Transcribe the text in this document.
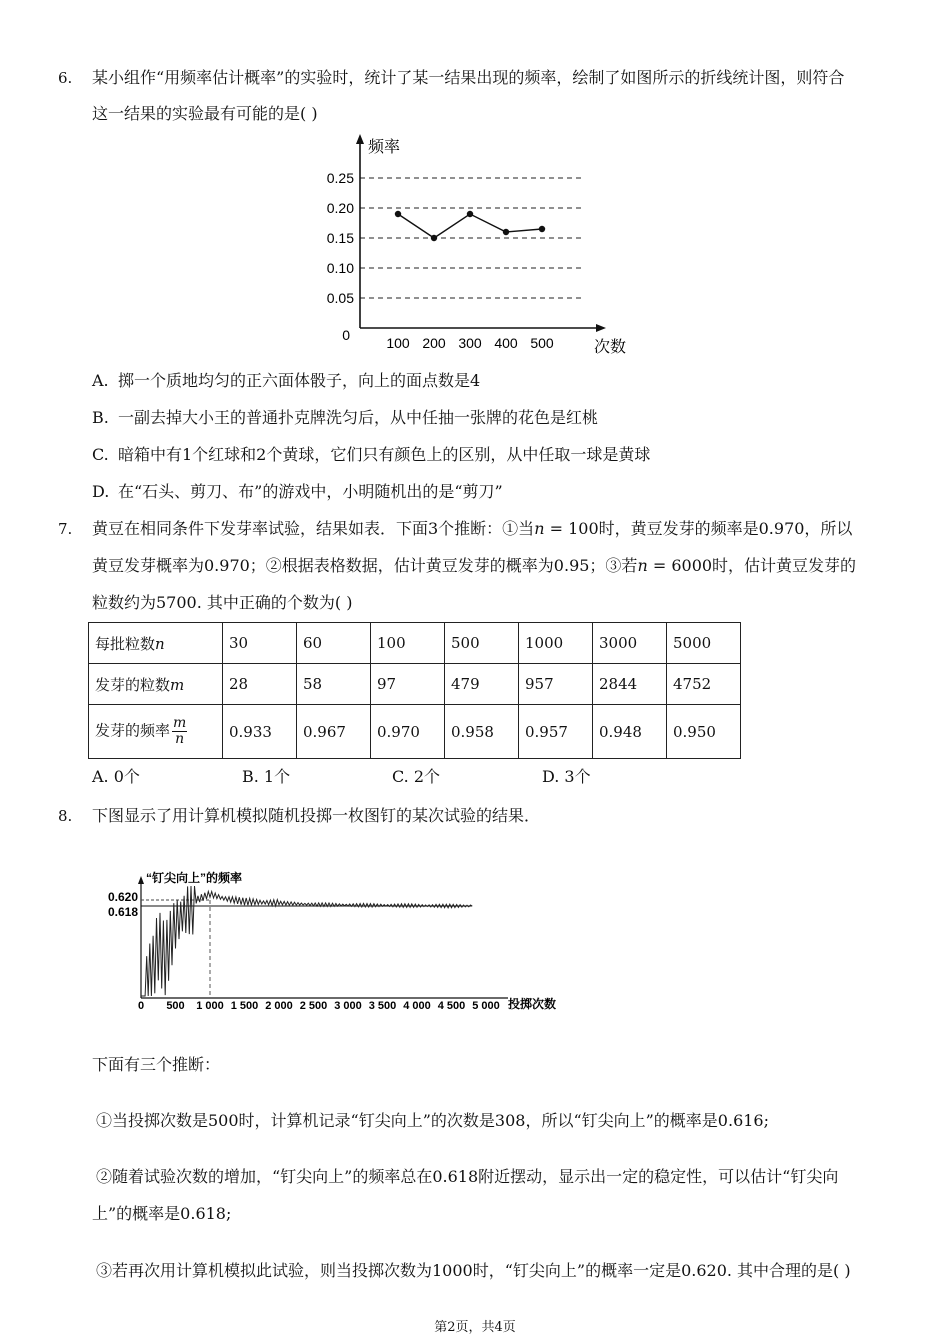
6. 某小组作“用频率估计概率”的实验时，统计了某一结果出现的频率，绘制了如图所示的折线统计图，则符合
这一结果的实验最有可能的是( )
频率
次数
0
0.25
0.20
0.15
0.10
0.05
100 200 300 400 500
A. 掷一个质地均匀的正六面体骰子，向上的面点数是4
B. 一副去掉大小王的普通扑克牌洗匀后，从中任抽一张牌的花色是红桃
C. 暗箱中有1个红球和2个黄球，它们只有颜色上的区别，从中任取一球是黄球
D. 在“石头、剪刀、布”的游戏中，小明随机出的是“剪刀”
7. 黄豆在相同条件下发芽率试验，结果如表．下面3个推断：①当n = 100时，黄豆发芽的频率是0.970，所以
黄豆发芽概率为0.970；②根据表格数据，估计黄豆发芽的概率为0.95；③若n = 6000时，估计黄豆发芽的
粒数约为5700. 其中正确的个数为( )
每批粒数n	30	60	100	500	1000	3000	5000
发芽的粒数m	28	58	97	479	957	2844	4752
发芽的频率 $\frac{m}{n}$	0.933	0.967	0.970	0.958	0.957	0.948	0.950
A. 0个	B. 1个	C. 2个	D. 3个
8. 下图显示了用计算机模拟随机投掷一枚图钉的某次试验的结果．
“钉尖向上”的频率
投掷次数
0.620
0.618
0 500 1 000 1 500 2 000 2 500 3 000 3 500 4 000 4 500 5 000
下面有三个推断：
①当投掷次数是500时，计算机记录“钉尖向上”的次数是308，所以“钉尖向上”的概率是0.616;
②随着试验次数的增加，“钉尖向上”的频率总在0.618附近摆动，显示出一定的稳定性，可以估计“钉尖向
上”的概率是0.618;
③若再次用计算机模拟此试验，则当投掷次数为1000时，“钉尖向上”的概率一定是0.620. 其中合理的是( )
第2页，共4页
